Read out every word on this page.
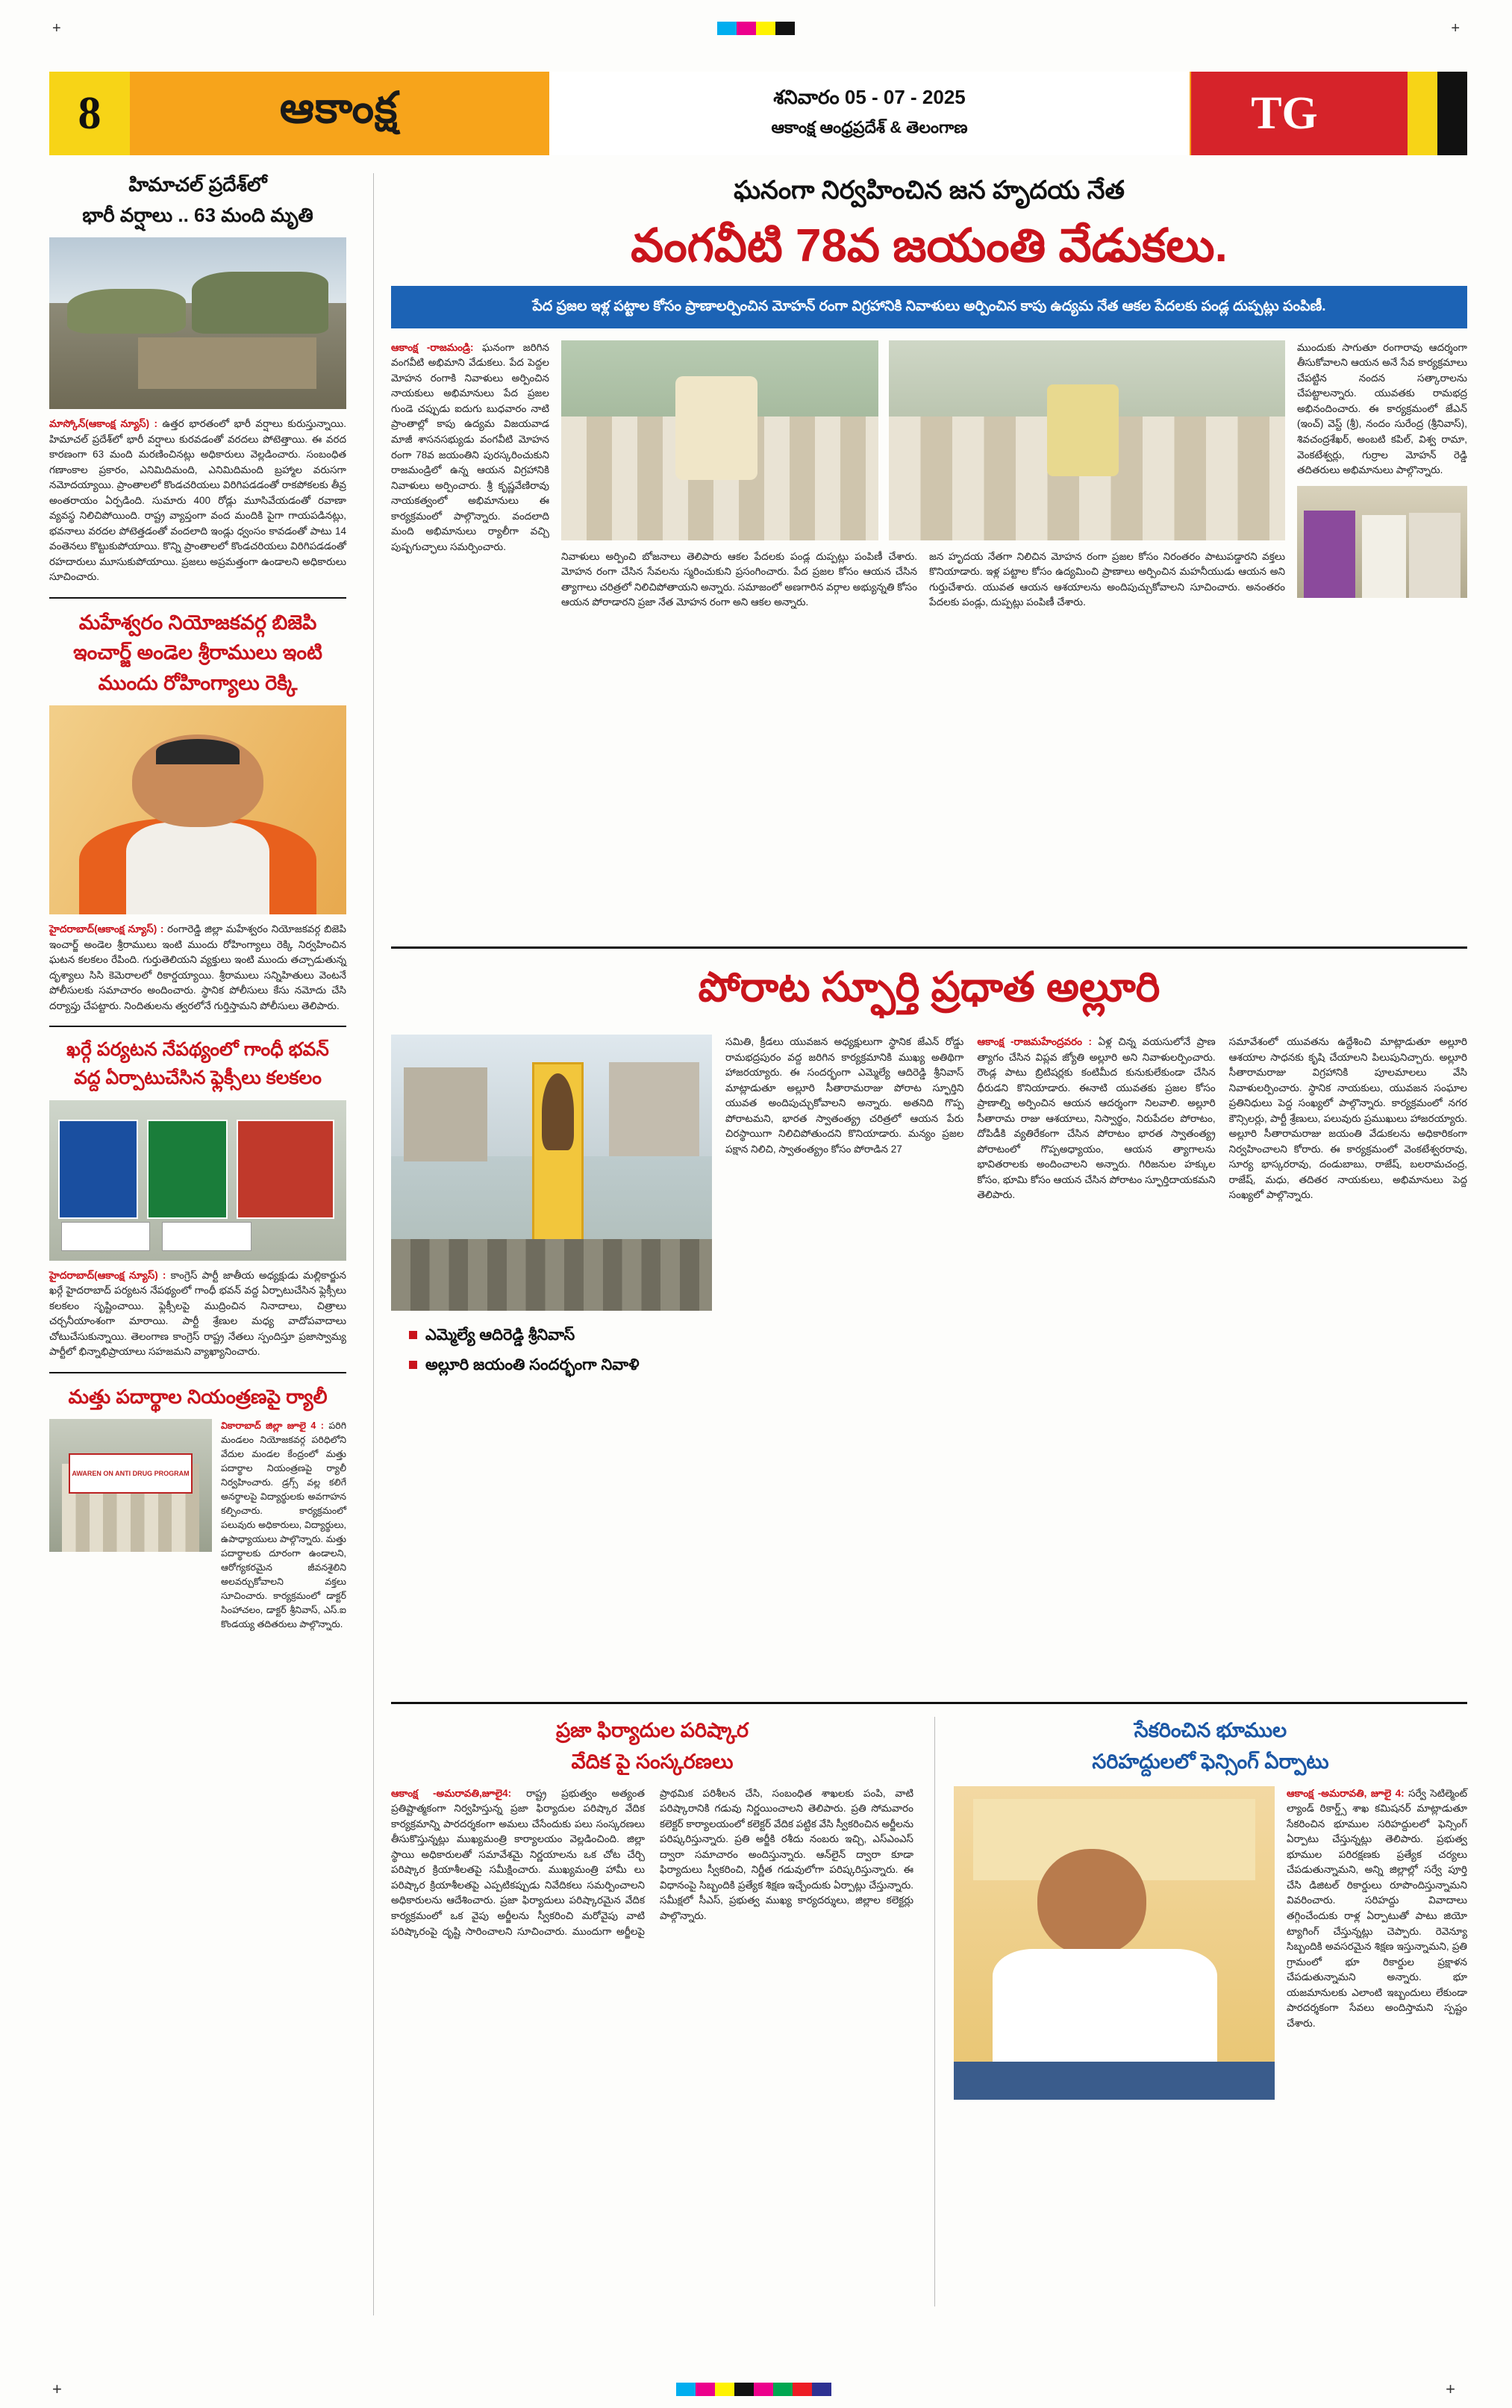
+	+
8	ఆకాంక్ష	శనివారం 05 - 07 - 2025
ఆకాంక్ష ఆంధ్రప్రదేశ్ & తెలంగాణ	TG
హిమాచల్ ప్రదేశ్‌లో
భారీ వర్షాలు .. 63 మంది మృతి
మాస్కోన్(ఆకాంక్ష న్యూస్) : ఉత్తర భారతంలో భారీ వర్షాలు కురుస్తున్నాయి. హిమాచల్ ప్రదేశ్‌లో భారీ వర్షాలు కురవడంతో వరదలు పోటెత్తాయి. ఈ వరద కారణంగా 63 మంది మరణించినట్లు అధికారులు వెల్లడించారు. సంబంధిత గణాంకాల ప్రకారం, ఎనిమిదిమంది, ఎనిమిదిమంది బ్రహ్మాల వరుసగా నమోదయ్యాయి. ప్రాంతాలలో కొండచరియలు విరిగిపడడంతో రాకపోకలకు తీవ్ర అంతరాయం ఏర్పడింది. సుమారు 400 రోడ్లు మూసివేయడంతో రవాణా వ్యవస్థ నిలిచిపోయింది. రాష్ట్ర వ్యాప్తంగా వంద మందికి పైగా గాయపడినట్లు, భవనాలు వరదల పోటెత్తడంతో వందలాది ఇండ్లు ధ్వంసం కావడంతో పాటు 14 వంతెనలు కొట్టుకుపోయాయి. కొన్ని ప్రాంతాలలో కొండచరియలు విరిగిపడడంతో రహదారులు మూసుకుపోయాయి. ప్రజలు అప్రమత్తంగా ఉండాలని అధికారులు సూచించారు.
మహేశ్వరం నియోజకవర్గ బిజెపి
ఇంచార్జ్ అండెల శ్రీరాములు ఇంటి
ముందు రోహింగ్యాలు రెక్కి
హైదరాబాద్(ఆకాంక్ష న్యూస్) : రంగారెడ్డి జిల్లా మహేశ్వరం నియోజకవర్గ బిజెపి ఇంచార్జ్ అండెల శ్రీరాములు ఇంటి ముందు రోహింగ్యాలు రెక్కి నిర్వహించిన ఘటన కలకలం రేపింది. గుర్తుతెలియని వ్యక్తులు ఇంటి ముందు తచ్చాడుతున్న దృశ్యాలు సిసి కెమెరాలలో రికార్డయ్యాయి. శ్రీరాములు సన్నిహితులు వెంటనే పోలీసులకు సమాచారం అందించారు. స్థానిక పోలీసులు కేసు నమోదు చేసి దర్యాప్తు చేపట్టారు. నిందితులను త్వరలోనే గుర్తిస్తామని పోలీసులు తెలిపారు.
ఖర్గే పర్యటన నేపథ్యంలో గాంధీ భవన్
వద్ద ఏర్పాటుచేసిన ఫ్లెక్సీలు కలకలం
హైదరాబాద్(ఆకాంక్ష న్యూస్) : కాంగ్రెస్ పార్టీ జాతీయ అధ్యక్షుడు మల్లికార్జున ఖర్గే హైదరాబాద్ పర్యటన నేపథ్యంలో గాంధీ భవన్ వద్ద ఏర్పాటుచేసిన ఫ్లెక్సీలు కలకలం సృష్టించాయి. ఫ్లెక్సీలపై ముద్రించిన నినాదాలు, చిత్రాలు చర్చనీయాంశంగా మారాయి. పార్టీ శ్రేణుల మధ్య వాదోపవాదాలు చోటుచేసుకున్నాయి. తెలంగాణ కాంగ్రెస్ రాష్ట్ర నేతలు స్పందిస్తూ ప్రజాస్వామ్య పార్టీలో భిన్నాభిప్రాయాలు సహజమని వ్యాఖ్యానించారు.
మత్తు పదార్థాల నియంత్రణపై ర్యాలీ
AWAREN ON ANTI DRUG PROGRAM
వికారాబాద్ జిల్లా జూలై 4 : పరిగి మండలం నియోజకవర్గ పరిధిలోని వేదుల మండల కేంద్రంలో మత్తు పదార్థాల నియంత్రణపై ర్యాలీ నిర్వహించారు. డ్రగ్స్ వల్ల కలిగే అనర్థాలపై విద్యార్థులకు అవగాహన కల్పించారు. కార్యక్రమంలో పలువురు అధికారులు, విద్యార్థులు, ఉపాధ్యాయులు పాల్గొన్నారు. మత్తు పదార్థాలకు దూరంగా ఉండాలని, ఆరోగ్యకరమైన జీవనశైలిని అలవర్చుకోవాలని వక్తలు సూచించారు. కార్యక్రమంలో డాక్టర్ సింహాచలం, డాక్టర్ శ్రీనివాస్, ఎస్.ఐ కొండయ్య తదితరులు పాల్గొన్నారు.
ఘనంగా నిర్వహించిన జన హృదయ నేత
వంగవీటి 78వ జయంతి వేడుకలు.
పేద ప్రజల ఇళ్ల పట్టాల కోసం ప్రాణాలర్పించిన మోహన్ రంగా విగ్రహానికి నివాళులు అర్పించిన కాపు ఉద్యమ నేత ఆకల పేదలకు పండ్ల దుప్పట్లు పంపిణీ.
ఆకాంక్ష -రాజమండ్రి: ఘనంగా జరిగిన వంగవీటి అభిమాని వేడుకలు. పేద పెద్దల మోహన రంగాకి నివాళులు అర్పించిన నాయకులు అభిమానులు పేద ప్రజల గుండె చప్పుడు ఐదుగు బుధవారం నాటి ప్రాంతాల్లో కాపు ఉద్యమ విజయవాడ మాజీ శాసనసభ్యుడు వంగవీటి మోహన రంగా 78వ జయంతిని పురస్కరించుకుని రాజమండ్రిలో ఉన్న ఆయన విగ్రహానికి నివాళులు అర్పించారు. శ్రీ కృష్ణవేణిరావు నాయకత్వంలో అభిమానులు ఈ కార్యక్రమంలో పాల్గొన్నారు. వందలాది మంది అభిమానులు ర్యాలీగా వచ్చి పుష్పగుచ్ఛాలు సమర్పించారు.
నివాళులు అర్పించి బోజనాలు తెలిపారు ఆకల పేదలకు పండ్ల దుప్పట్లు పంపిణీ చేశారు. మోహన రంగా చేసిన సేవలను స్మరించుకుని ప్రసంగించారు. పేద ప్రజల కోసం ఆయన చేసిన త్యాగాలు చరిత్రలో నిలిచిపోతాయని అన్నారు. సమాజంలో అణగారిన వర్గాల అభ్యున్నతి కోసం ఆయన పోరాడారని ప్రజా నేత మోహన రంగా అని ఆకల అన్నారు.
జన హృదయ నేతగా నిలిచిన మోహన రంగా ప్రజల కోసం నిరంతరం పాటుపడ్డారని వక్తలు కొనియాడారు. ఇళ్ల పట్టాల కోసం ఉద్యమించి ప్రాణాలు అర్పించిన మహనీయుడు ఆయన అని గుర్తుచేశారు. యువత ఆయన ఆశయాలను అందిపుచ్చుకోవాలని సూచించారు. అనంతరం పేదలకు పండ్లు, దుప్పట్లు పంపిణీ చేశారు.
ముందుకు సాగుతూ రంగారావు ఆదర్శంగా తీసుకోవాలని ఆయన అనే సేవ కార్యక్రమాలు చేపట్టిన నందన సత్కారాలను చేపట్టాలన్నారు. యువతకు రామభద్ర అభినందించారు. ఈ కార్యక్రమంలో జేఎన్ (ఇంచ్) వెస్ట్ (శ్రీ), నందం సురేంద్ర (శ్రీనివాస్), శివచంద్రశేఖర్, అంబటి కపిల్, విశ్వ రామా, వెంకటేశ్వర్లు, గుర్రాల మోహన్ రెడ్డి తదితరులు అభిమానులు పాల్గొన్నారు.
పోరాట స్ఫూర్తి ప్రధాత అల్లూరి
ఎమ్మెల్యే ఆదిరెడ్డి శ్రీనివాస్
అల్లూరి జయంతి సందర్భంగా నివాళి
సమితి, క్రీడలు యువజన అధ్యక్షులుగా స్థానిక జేఎన్ రోడ్డు రామభద్రపురం వద్ద జరిగిన కార్యక్రమానికి ముఖ్య అతిథిగా హాజరయ్యారు. ఈ సందర్భంగా ఎమ్మెల్యే ఆదిరెడ్డి శ్రీనివాస్ మాట్లాడుతూ అల్లూరి సీతారామరాజు పోరాట స్ఫూర్తిని యువత అందిపుచ్చుకోవాలని అన్నారు. అతనిది గొప్ప పోరాటమని, భారత స్వాతంత్య్ర చరిత్రలో ఆయన పేరు చిరస్థాయిగా నిలిచిపోతుందని కొనియాడారు. మన్యం ప్రజల పక్షాన నిలిచి, స్వాతంత్య్రం కోసం పోరాడిన 27
ఆకాంక్ష -రాజమహేంద్రవరం : ఏళ్ల చిన్న వయసులోనే ప్రాణ త్యాగం చేసిన విప్లవ జ్యోతి అల్లూరి అని నివాళులర్పించారు. రౌండ్ల పాటు బ్రిటిషర్లకు కంటిమీద కునుకులేకుండా చేసిన ధీరుడని కొనియాడారు. ఈనాటి యువతకు ప్రజల కోసం ప్రాణాల్ని అర్పించిన ఆయన ఆదర్శంగా నిలవాలి. అల్లూరి సీతారామ రాజు ఆశయాలు, నిస్వార్థం, నిరుపేదల పోరాటం, దోపిడీకి వ్యతిరేకంగా చేసిన పోరాటం భారత స్వాతంత్య్ర పోరాటంలో గొప్పఅధ్యాయం, ఆయన త్యాగాలను భావితరాలకు అందించాలని అన్నారు. గిరిజనుల హక్కుల కోసం, భూమి కోసం ఆయన చేసిన పోరాటం స్ఫూర్తిదాయకమని తెలిపారు.
సమావేశంలో యువతను ఉద్దేశించి మాట్లాడుతూ అల్లూరి ఆశయాల సాధనకు కృషి చేయాలని పిలుపునిచ్చారు. అల్లూరి సీతారామరాజు విగ్రహానికి పూలమాలలు వేసి నివాళులర్పించారు. స్థానిక నాయకులు, యువజన సంఘాల ప్రతినిధులు పెద్ద సంఖ్యలో పాల్గొన్నారు. కార్యక్రమంలో నగర కౌన్సిలర్లు, పార్టీ శ్రేణులు, పలువురు ప్రముఖులు హాజరయ్యారు. అల్లూరి సీతారామరాజు జయంతి వేడుకలను అధికారికంగా నిర్వహించాలని కోరారు. ఈ కార్యక్రమంలో వెంకటేశ్వరరావు, సూర్య భాస్కరరావు, దండుబాబు, రాజేష్, బలరామచంద్ర, రాజేష్, మధు, తదితర నాయకులు, అభిమానులు పెద్ద సంఖ్యలో పాల్గొన్నారు.
ప్రజా ఫిర్యాదుల పరిష్కార
వేదిక పై సంస్కరణలు
ఆకాంక్ష -అమరావతి,జూలై4: రాష్ట్ర ప్రభుత్వం అత్యంత ప్రతిష్టాత్మకంగా నిర్వహిస్తున్న ప్రజా ఫిర్యాదుల పరిష్కార వేదిక కార్యక్రమాన్ని పారదర్శకంగా అమలు చేసేందుకు పలు సంస్కరణలు తీసుకొస్తున్నట్లు ముఖ్యమంత్రి కార్యాలయం వెల్లడించింది. జిల్లా స్థాయి అధికారులతో సమావేశమై నిర్ణయాలను ఒక చోట చేర్చి పరిష్కార క్రియాశీలతపై సమీక్షించారు. ముఖ్యమంత్రి హామీ లు పరిష్కార క్రియాశీలతపై ఎప్పటికప్పుడు నివేదికలు సమర్పించాలని అధికారులను ఆదేశించారు. ప్రజా ఫిర్యాదులు పరిష్కారమైన వేదిక కార్యక్రమంలో ఒక వైపు అర్జీలను స్వీకరించి మరోవైపు వాటి పరిష్కారంపై దృష్టి సారించాలని సూచించారు. ముందుగా అర్జీలపై ప్రాథమిక పరిశీలన చేసి, సంబంధిత శాఖలకు పంపి, వాటి పరిష్కారానికి గడువు నిర్ణయించాలని తెలిపారు. ప్రతి సోమవారం కలెక్టర్ కార్యాలయంలో కలెక్టర్ వేదిక పట్టిక వేసి స్వీకరించిన అర్జీలను పరిష్కరిస్తున్నారు. ప్రతి అర్జీకి రశీదు నంబరు ఇచ్చి, ఎస్ఎంఎస్ ద్వారా సమాచారం అందిస్తున్నారు. ఆన్‌లైన్ ద్వారా కూడా ఫిర్యాదులు స్వీకరించి, నిర్ణీత గడువులోగా పరిష్కరిస్తున్నారు. ఈ విధానంపై సిబ్బందికి ప్రత్యేక శిక్షణ ఇచ్చేందుకు ఏర్పాట్లు చేస్తున్నారు. సమీక్షలో సీఎస్, ప్రభుత్వ ముఖ్య కార్యదర్శులు, జిల్లాల కలెక్టర్లు పాల్గొన్నారు.
సేకరించిన భూముల
సరిహద్దులలో ఫెన్సింగ్ ఏర్పాటు
ఆకాంక్ష -అమరావతి, జూలై 4: సర్వే సెటిల్మెంట్ ల్యాండ్ రికార్డ్స్ శాఖ కమిషనర్ మాట్లాడుతూ సేకరించిన భూముల సరిహద్దులలో ఫెన్సింగ్ ఏర్పాటు చేస్తున్నట్లు తెలిపారు. ప్రభుత్వ భూముల పరిరక్షణకు ప్రత్యేక చర్యలు చేపడుతున్నామని, అన్ని జిల్లాల్లో సర్వే పూర్తి చేసి డిజిటల్ రికార్డులు రూపొందిస్తున్నామని వివరించారు. సరిహద్దు వివాదాలు తగ్గించేందుకు రాళ్ల ఏర్పాటుతో పాటు జియో ట్యాగింగ్ చేస్తున్నట్లు చెప్పారు. రెవెన్యూ సిబ్బందికి అవసరమైన శిక్షణ ఇస్తున్నామని, ప్రతి గ్రామంలో భూ రికార్డుల ప్రక్షాళన చేపడుతున్నామని అన్నారు. భూ యజమానులకు ఎలాంటి ఇబ్బందులు లేకుండా పారదర్శకంగా సేవలు అందిస్తామని స్పష్టం చేశారు.
+	+
